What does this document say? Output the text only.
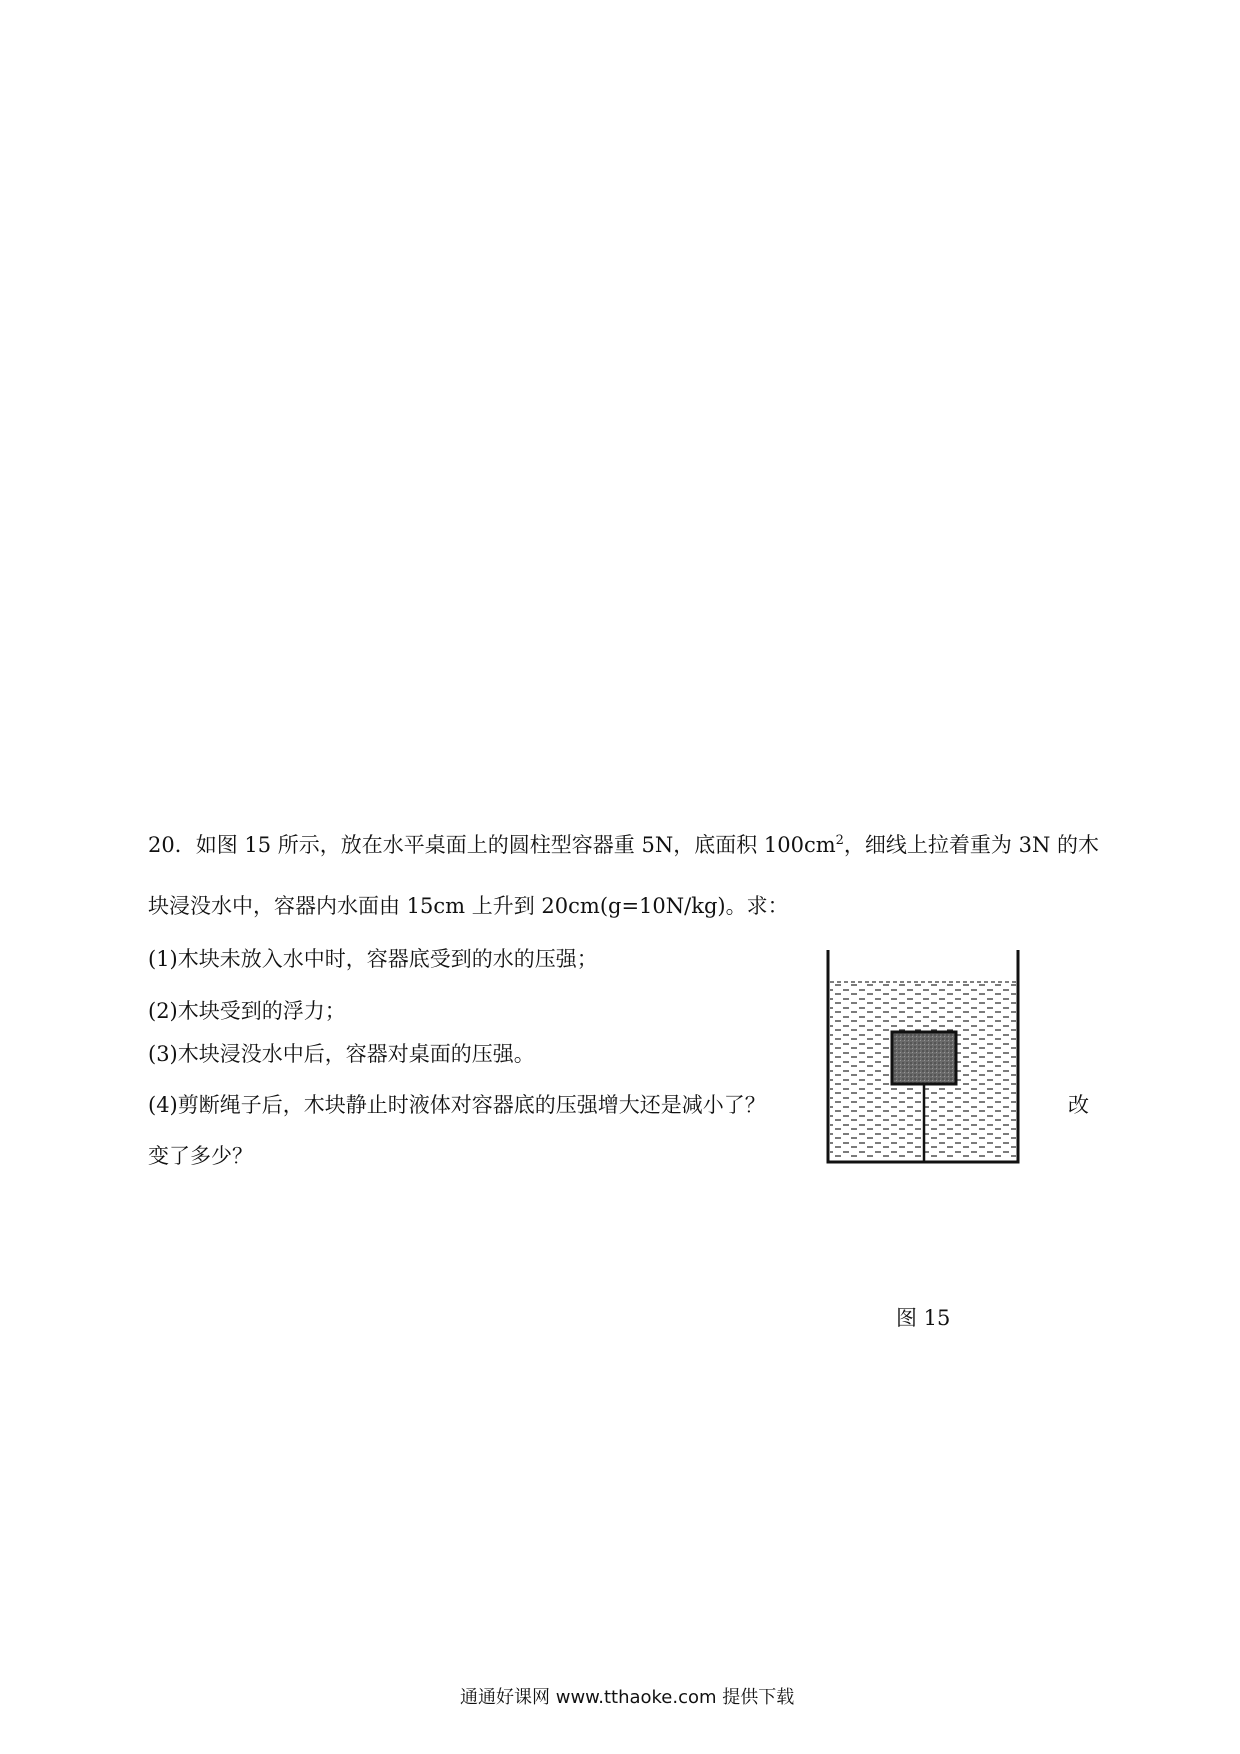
20．如图 15 所示，放在水平桌面上的圆柱型容器重 5N，底面积 $100cm^2$，细线上拉着重为 3N 的木
块浸没水中，容器内水面由 15cm 上升到 20cm(g=10N/kg)。求：
(1)木块未放入水中时，容器底受到的水的压强；
(2)木块受到的浮力；
(3)木块浸没水中后，容器对桌面的压强。
(4)剪断绳子后，木块静止时液体对容器底的压强增大还是减小了？	改
变了多少？
图 15
通通好课网 www.tthaoke.com 提供下载
